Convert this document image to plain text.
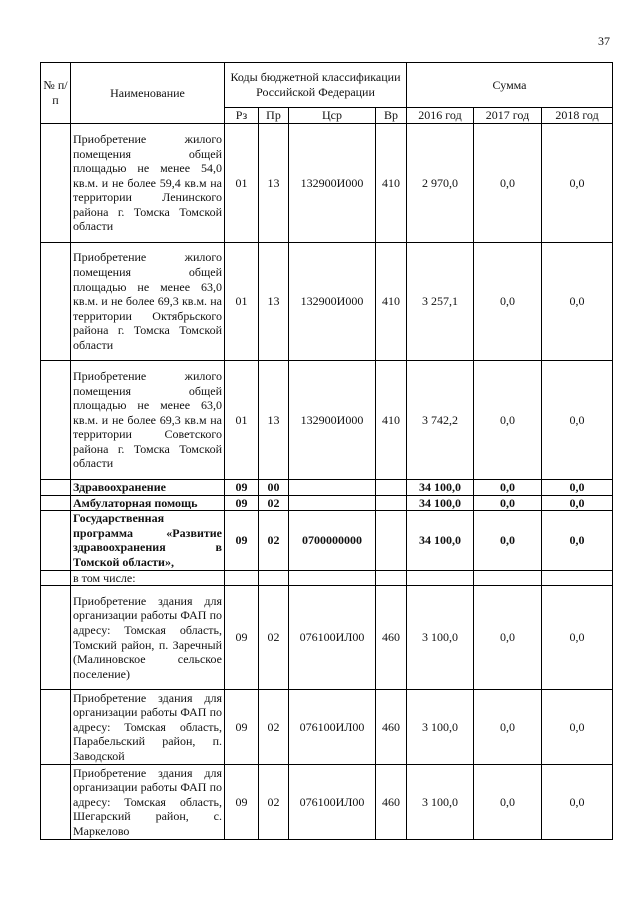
37
№ п/п	Наименование	Коды бюджетной классификации Российской Федерации				Сумма		
		Рз	Пр	Цср	Вр	2016 год	2017 год	2018 год
	Приобретение жилого помещения общей площадью не менее 54,0 кв.м. и не более 59,4 кв.м на территории Ленинского района г. Томска Томской области	01	13	132900И000	410	2 970,0	0,0	0,0
	Приобретение жилого помещения общей площадью не менее 63,0 кв.м. и не более 69,3 кв.м. на территории Октябрьского района г. Томска Томской области	01	13	132900И000	410	3 257,1	0,0	0,0
	Приобретение жилого помещения общей площадью не менее 63,0 кв.м. и не более 69,3 кв.м на территории Советского района г. Томска Томской области	01	13	132900И000	410	3 742,2	0,0	0,0
	Здравоохранение	09	00			34 100,0	0,0	0,0
	Амбулаторная помощь	09	02			34 100,0	0,0	0,0
	Государственная программа «Развитие здравоохранения в Томской области»,	09	02	0700000000		34 100,0	0,0	0,0
	в том числе:							
	Приобретение здания для организации работы ФАП по адресу: Томская область, Томский район, п. Заречный (Малиновское сельское поселение)	09	02	076100ИЛ00	460	3 100,0	0,0	0,0
	Приобретение здания для организации работы ФАП по адресу: Томская область, Парабельский район, п. Заводской	09	02	076100ИЛ00	460	3 100,0	0,0	0,0
	Приобретение здания для организации работы ФАП по адресу: Томская область, Шегарский район, с. Маркелово	09	02	076100ИЛ00	460	3 100,0	0,0	0,0
